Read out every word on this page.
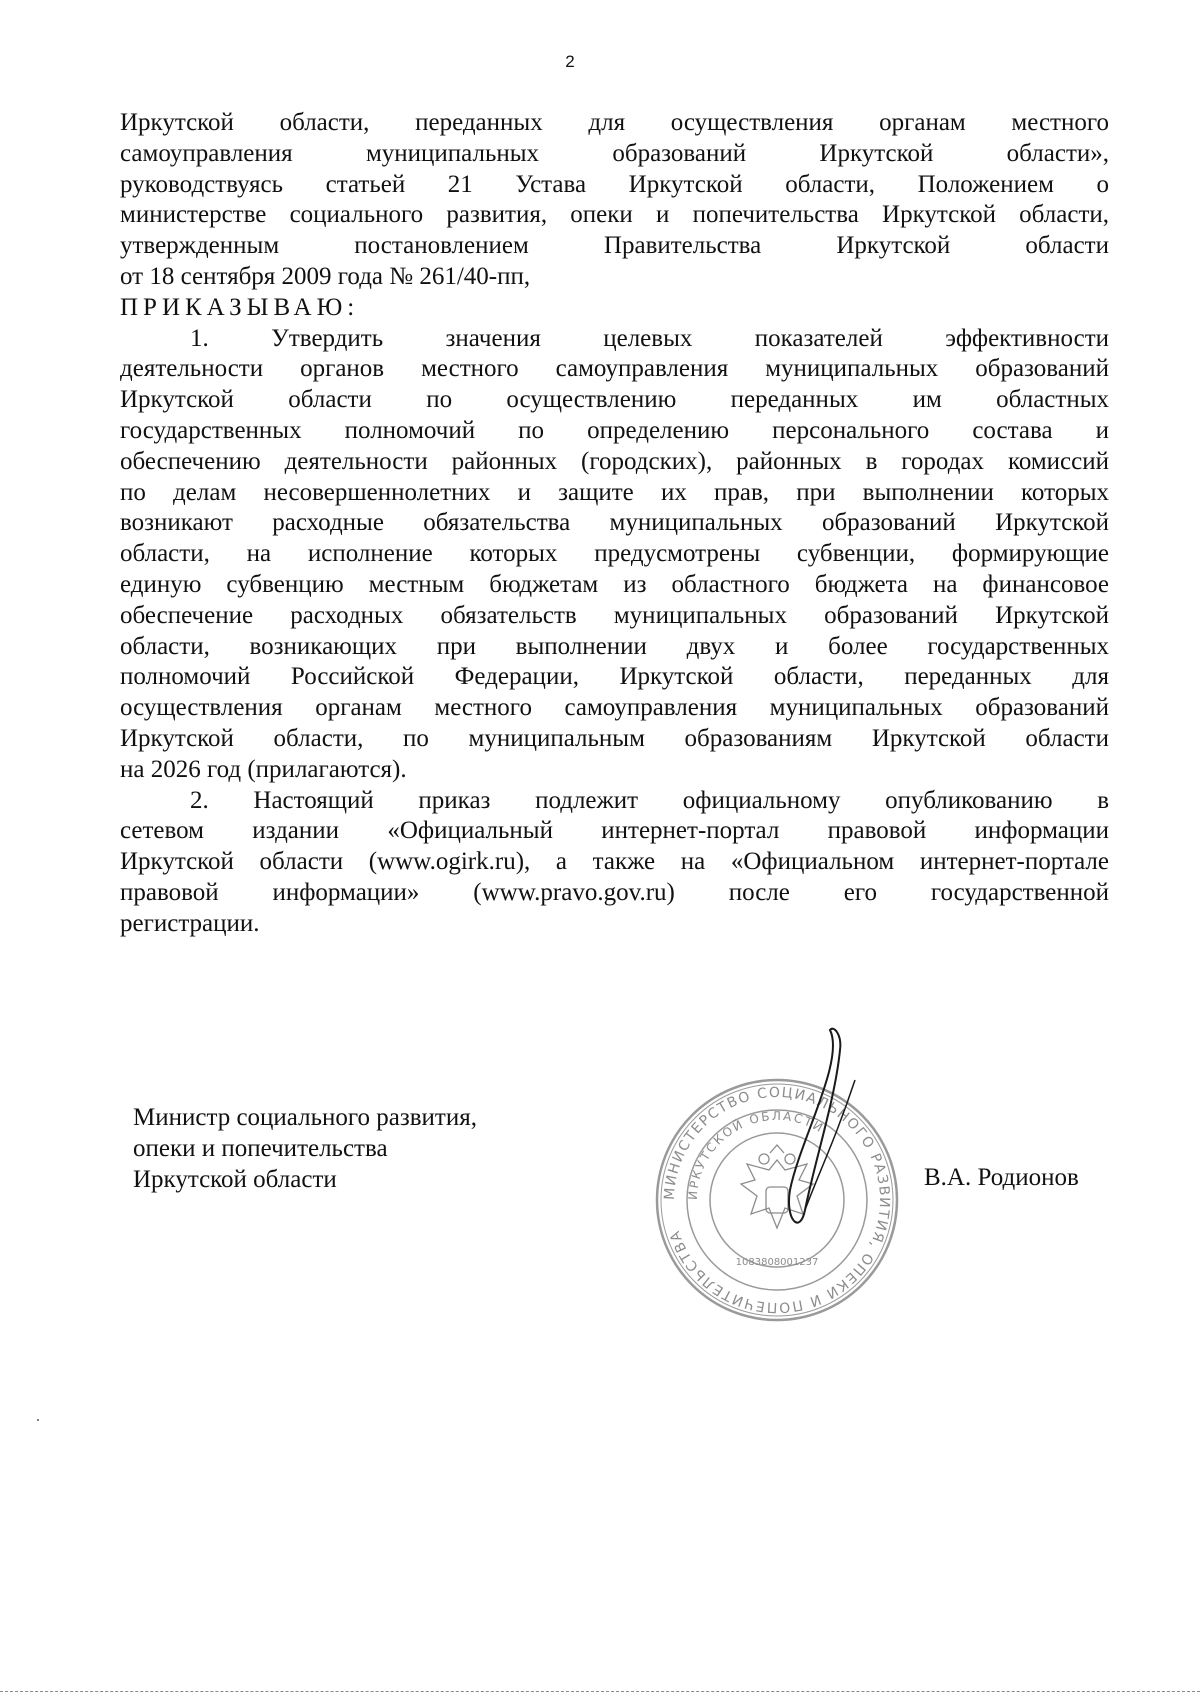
2
Иркутской области, переданных для осуществления органам местного
самоуправления муниципальных образований Иркутской области»,
руководствуясь статьей 21 Устава Иркутской области, Положением о
министерстве социального развития, опеки и попечительства Иркутской области,
утвержденным постановлением Правительства Иркутской области
от 18 сентября 2009 года № 261/40-пп,
ПРИКАЗЫВАЮ:
1. Утвердить значения целевых показателей эффективности
деятельности органов местного самоуправления муниципальных образований
Иркутской области по осуществлению переданных им областных
государственных полномочий по определению персонального состава и
обеспечению деятельности районных (городских), районных в городах комиссий
по делам несовершеннолетних и защите их прав, при выполнении которых
возникают расходные обязательства муниципальных образований Иркутской
области, на исполнение которых предусмотрены субвенции, формирующие
единую субвенцию местным бюджетам из областного бюджета на финансовое
обеспечение расходных обязательств муниципальных образований Иркутской
области, возникающих при выполнении двух и более государственных
полномочий Российской Федерации, Иркутской области, переданных для
осуществления органам местного самоуправления муниципальных образований
Иркутской области, по муниципальным образованиям Иркутской области
на 2026 год (прилагаются).
2. Настоящий приказ подлежит официальному опубликованию в
сетевом издании «Официальный интернет-портал правовой информации
Иркутской области (www.ogirk.ru), а также на «Официальном интернет-портале
правовой информации» (www.pravo.gov.ru) после его государственной
регистрации.
Министр социального развития,
опеки и попечительства
Иркутской области
МИНИСТЕРСТВО СОЦИАЛЬНОГО РАЗВИТИЯ, ОПЕКИ И ПОПЕЧИТЕЛЬСТВА
ИРКУТСКОЙ ОБЛАСТИ
1083808001237
В.А. Родионов
